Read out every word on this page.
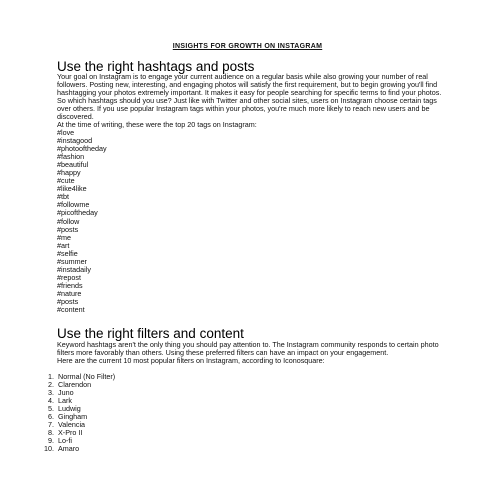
INSIGHTS FOR GROWTH ON INSTAGRAM
Use the right hashtags and posts

Your goal on Instagram is to engage your current audience on a regular basis while also growing your number of real followers. Posting new, interesting, and engaging photos will satisfy the first requirement, but to begin growing you'll find hashtagging your photos extremely important. It makes it easy for people searching for specific terms to find your photos.

So which hashtags should you use? Just like with Twitter and other social sites, users on Instagram choose certain tags over others. If you use popular Instagram tags within your photos, you're much more likely to reach new users and be discovered.

At the time of writing, these were the top 20 tags on Instagram:

#love
#instagood
#photooftheday
#fashion
#beautiful
#happy
#cute
#like4like
#tbt
#followme
#picoftheday
#follow
#posts
#me
#art
#selfie
#summer
#instadaily
#repost
#friends
#nature
#posts
#content
Use the right filters and content

Keyword hashtags aren't the only thing you should pay attention to. The Instagram community responds to certain photo filters more favorably than others. Using these preferred filters can have an impact on your engagement.

Here are the current 10 most popular filters on Instagram, according to Iconosquare:

1. Normal (No Filter)
2. Clarendon
3. Juno
4. Lark
5. Ludwig
6. Gingham
7. Valencia
8. X-Pro II
9. Lo-fi
10. Amaro
